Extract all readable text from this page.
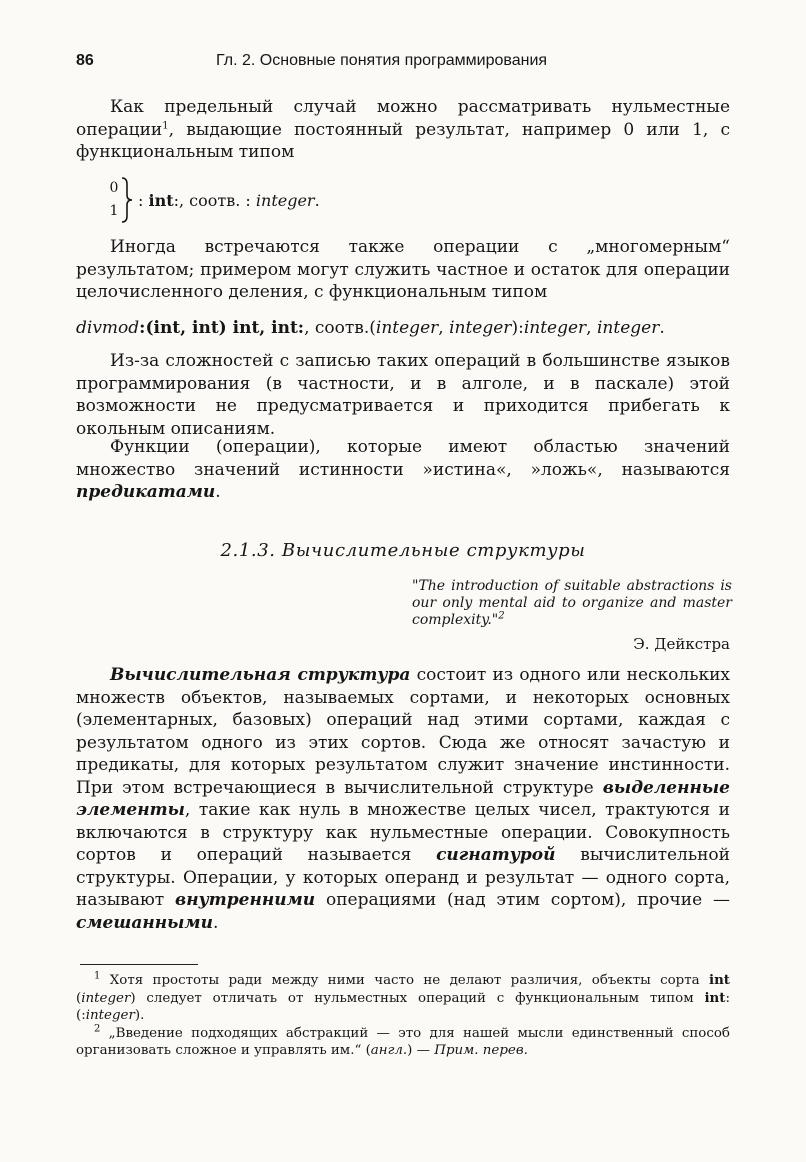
86	Гл. 2. Основные понятия программирования

Как предельный случай можно рассматривать нульместные операции$^1$, выдающие постоянный результат, например 0 или 1, с функциональным типом

0
1
: int:, соотв. : integer.

Иногда встречаются также операции с „многомерным“ результатом; примером могут служить частное и остаток для операции целочисленного деления, с функциональным типом

divmod:(int, int) int, int:, соотв.(integer, integer):integer, integer.

Из-за сложностей с записью таких операций в большинстве языков программирования (в частности, и в алголе, и в паскале) этой возможности не предусматривается и приходится прибегать к окольным описаниям.

Функции (операции), которые имеют областью значений множество значений истинности »истина«, »ложь«, называются предикатами.

2.1.3. Вычислительные структуры
"The introduction of suitable abstractions is our only mental aid to organize and master complexity."$^2$
Э. Дейкстра

Вычислительная структура состоит из одного или нескольких множеств объектов, называемых сортами, и некоторых основных (элементарных, базовых) операций над этими сортами, каждая с результатом одного из этих сортов. Сюда же относят зачастую и предикаты, для которых результатом служит значение инстинности. При этом встречающиеся в вычислительной структуре выделенные элементы, такие как нуль в множестве целых чисел, трактуются и включаются в структуру как нульместные операции. Совокупность сортов и операций называется сигнатурой вычислительной структуры. Операции, у которых операнд и результат — одного сорта, называют внутренними операциями (над этим сортом), прочие — смешанными.

$^1$ Хотя простоты ради между ними часто не делают различия, объекты сорта int (integer) следует отличать от нульместных операций с функциональным типом int: (:integer).

$^2$ „Введение подходящих абстракций — это для нашей мысли единственный способ организовать сложное и управлять им.“ (англ.) — Прим. перев.
